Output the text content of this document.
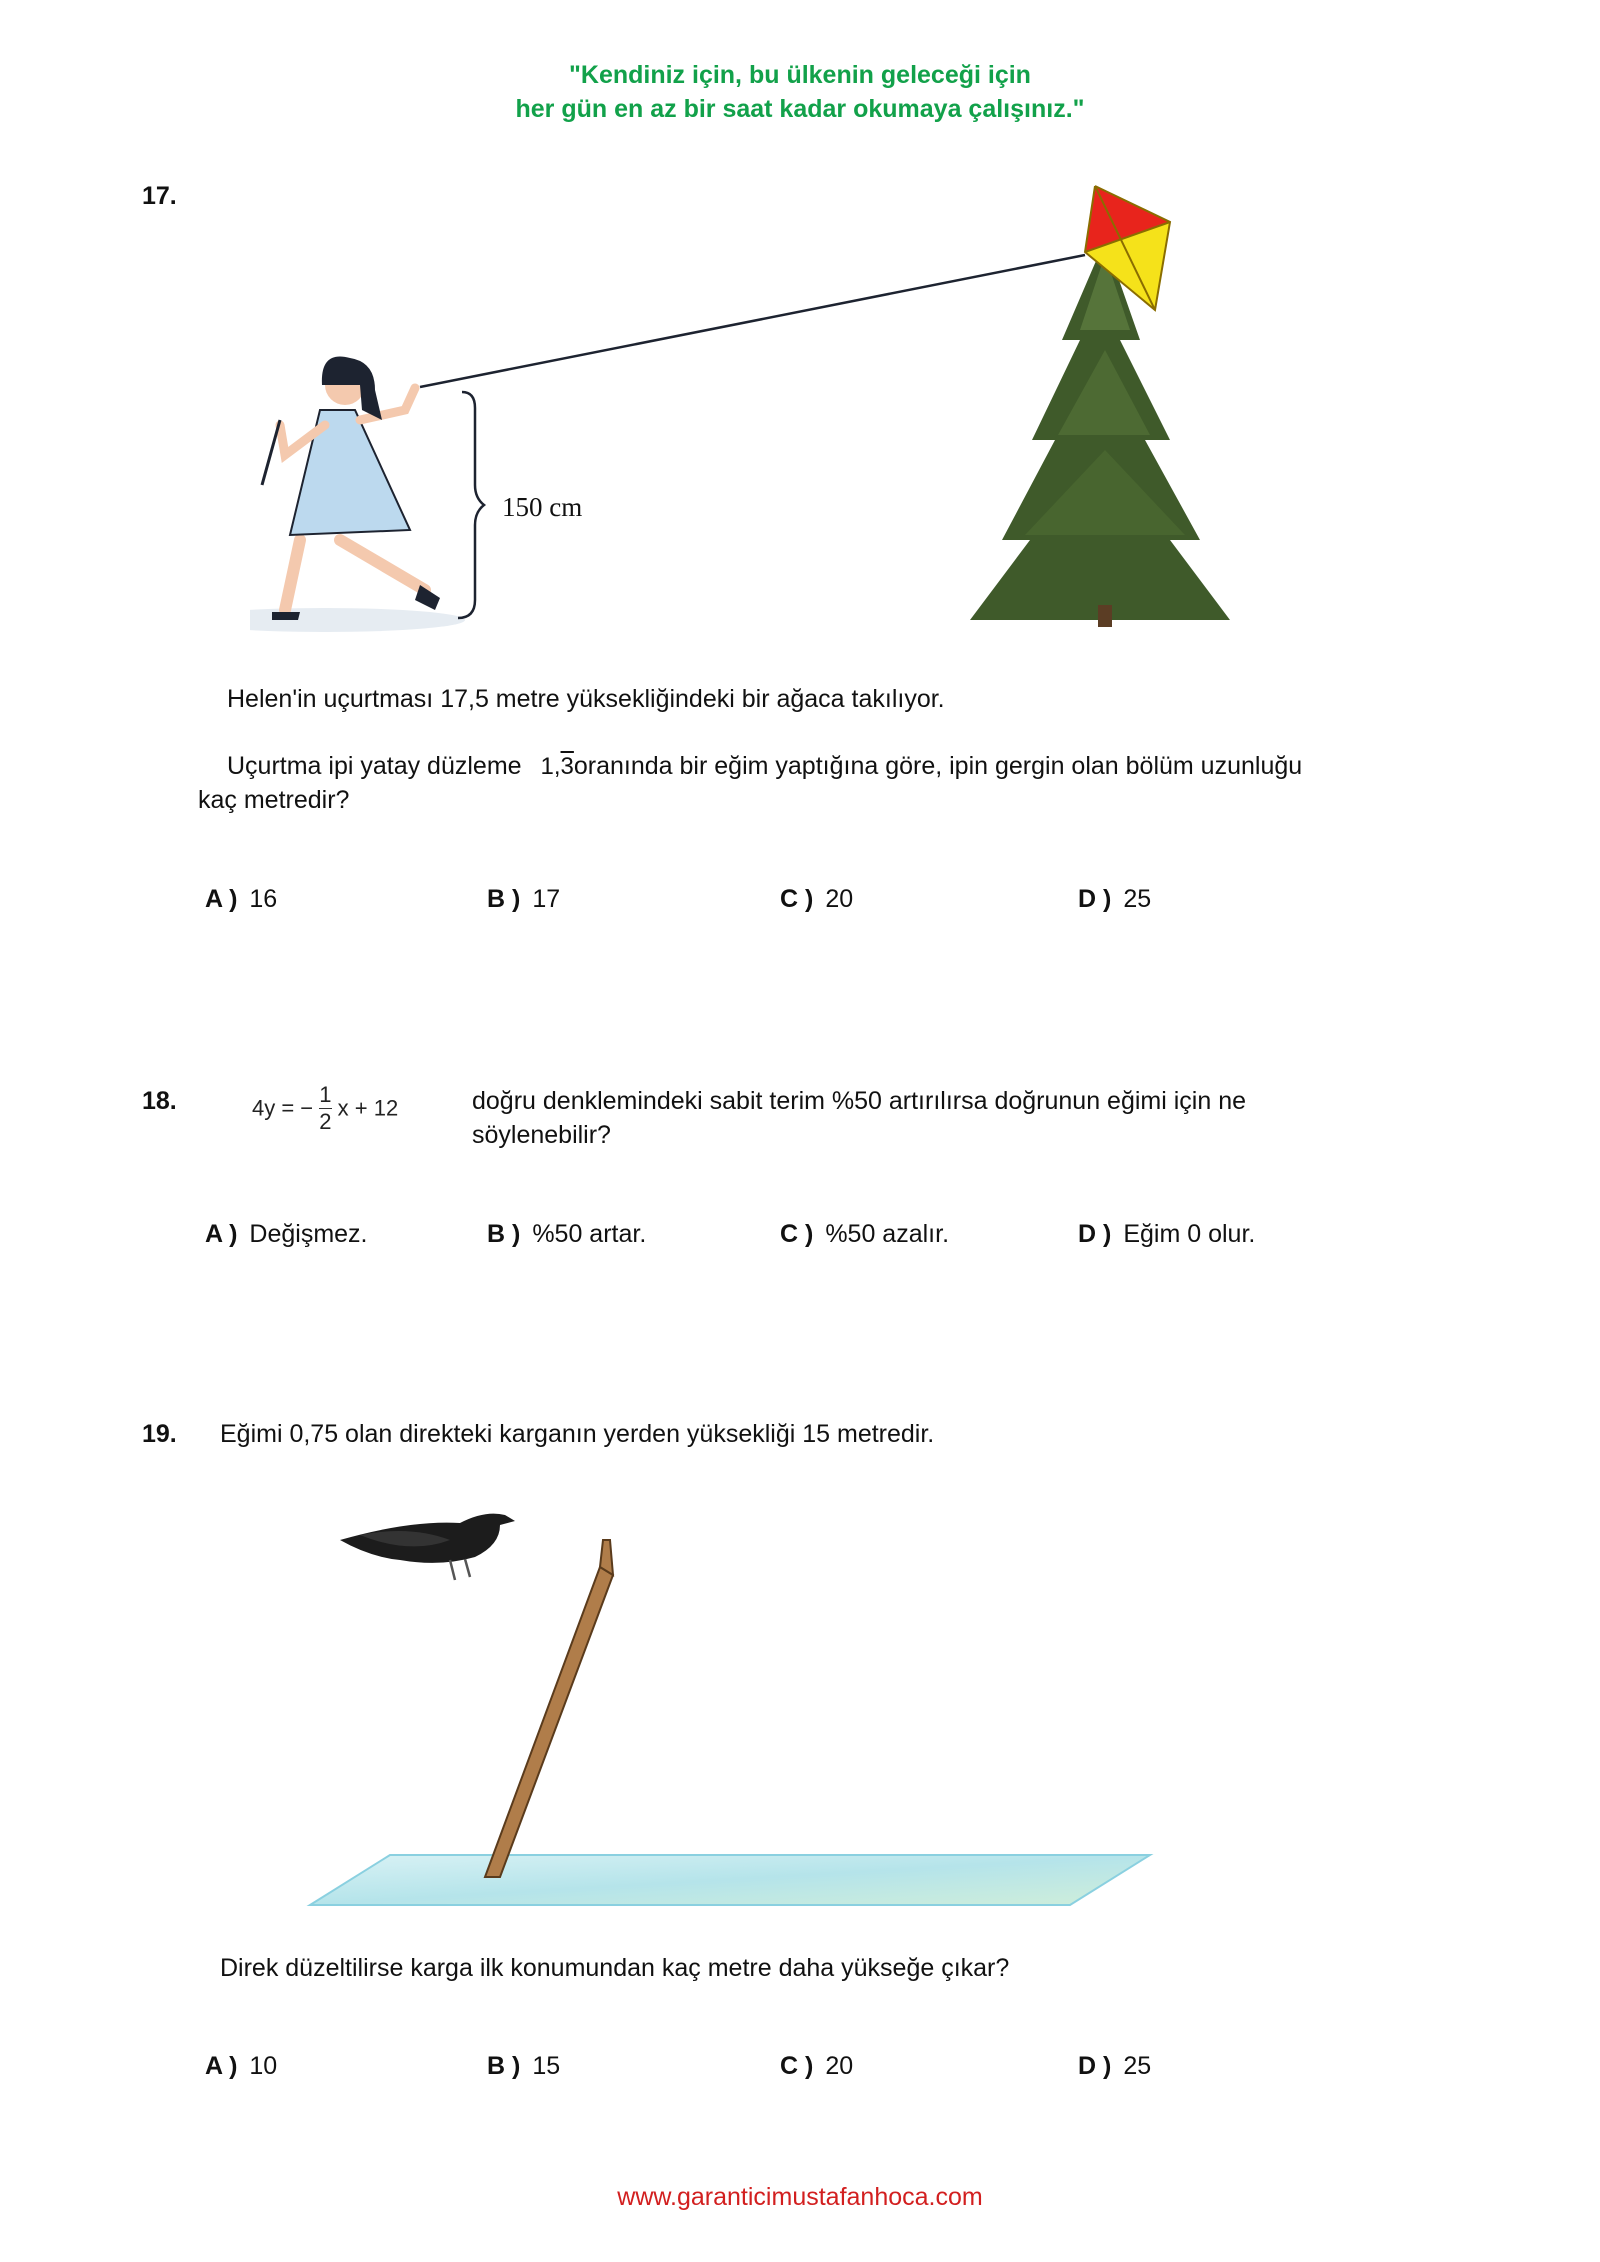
"Kendiniz için, bu ülkenin geleceği için
her gün en az bir saat kadar okumaya çalışınız."
17.
150 cm
Helen'in uçurtması 17,5 metre yüksekliğindeki bir ağaca takılıyor.
Uçurtma ipi yatay düzleme 1,3oranında bir eğim yaptığına göre, ipin gergin olan bölüm uzunluğu
kaç metredir?
A ) 16	B ) 17	C ) 20	D ) 25
18.	4y = − $\frac{1}{2}$ x + 12	doğru denklemindeki sabit terim %50 artırılırsa doğrunun eğimi için ne
söylenebilir?
A ) Değişmez.	B ) %50 artar.	C ) %50 azalır.	D ) Eğim 0 olur.
19. Eğimi 0,75 olan direkteki karganın yerden yüksekliği 15 metredir.
Direk düzeltilirse karga ilk konumundan kaç metre daha yükseğe çıkar?
A ) 10	B ) 15	C ) 20	D ) 25
www.garanticimustafanhoca.com
